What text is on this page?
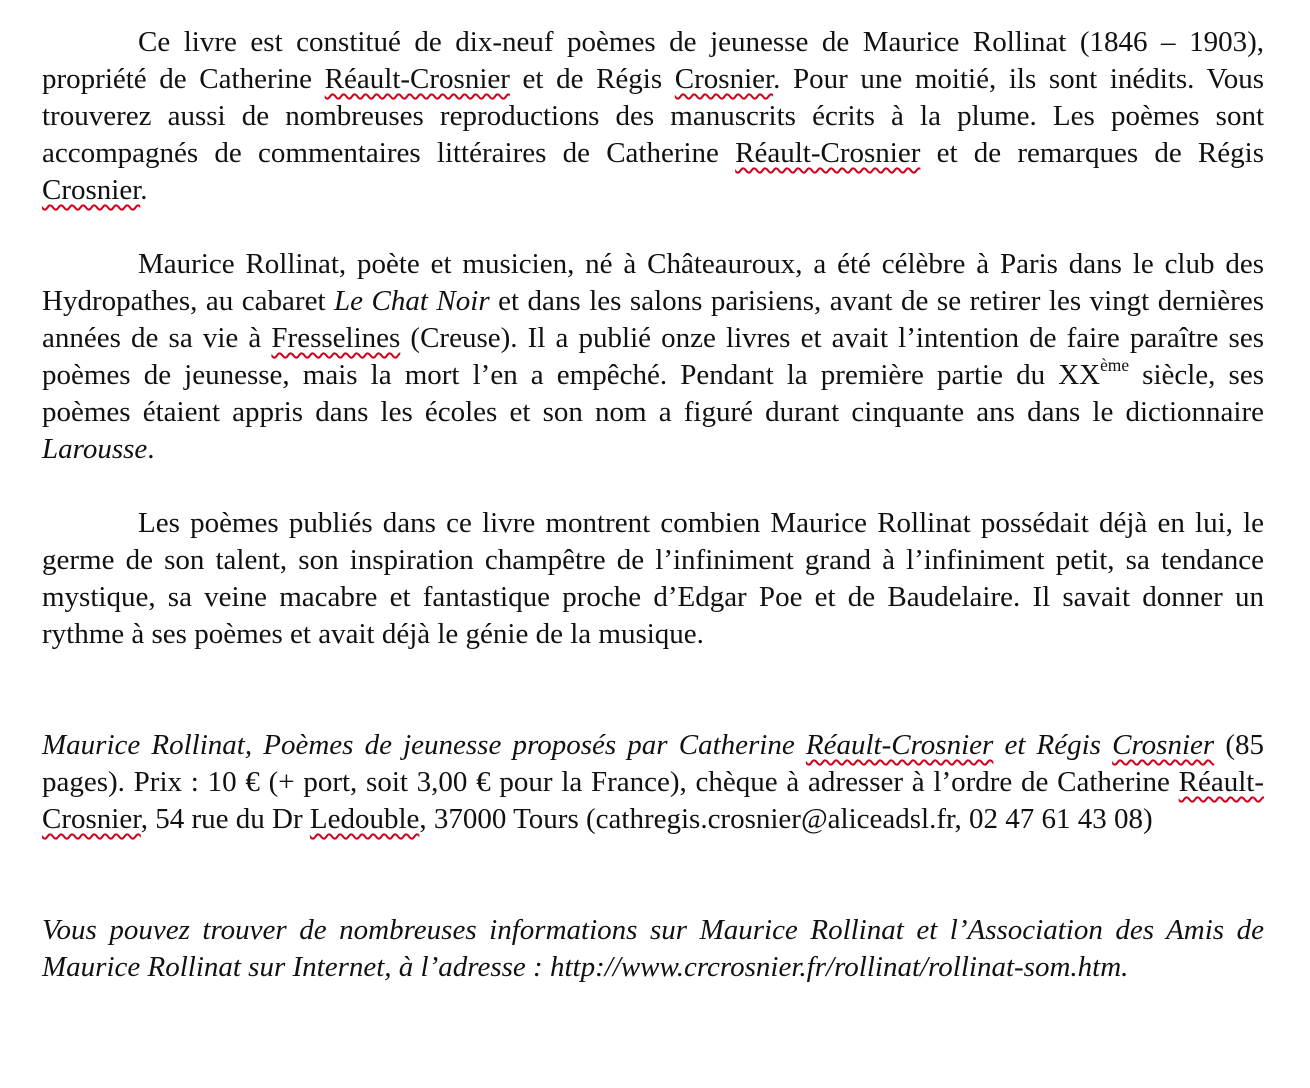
Ce livre est constitué de dix-neuf poèmes de jeunesse de Maurice Rollinat (1846 – 1903), propriété de Catherine Réault-Crosnier et de Régis Crosnier. Pour une moitié, ils sont inédits. Vous trouverez aussi de nombreuses reproductions des manuscrits écrits à la plume. Les poèmes sont accompagnés de commentaires littéraires de Catherine Réault-Crosnier et de remarques de Régis Crosnier.

Maurice Rollinat, poète et musicien, né à Châteauroux, a été célèbre à Paris dans le club des Hydropathes, au cabaret Le Chat Noir et dans les salons parisiens, avant de se retirer les vingt dernières années de sa vie à Fresselines (Creuse). Il a publié onze livres et avait l’intention de faire paraître ses poèmes de jeunesse, mais la mort l’en a empêché. Pendant la première partie du XXème siècle, ses poèmes étaient appris dans les écoles et son nom a figuré durant cinquante ans dans le dictionnaire Larousse.

Les poèmes publiés dans ce livre montrent combien Maurice Rollinat possédait déjà en lui, le germe de son talent, son inspiration champêtre de l’infiniment grand à l’infiniment petit, sa tendance mystique, sa veine macabre et fantastique proche d’Edgar Poe et de Baudelaire. Il savait donner un rythme à ses poèmes et avait déjà le génie de la musique.

Maurice Rollinat, Poèmes de jeunesse proposés par Catherine Réault-Crosnier et Régis Crosnier (85 pages). Prix : 10 € (+ port, soit 3,00 € pour la France), chèque à adresser à l’ordre de Catherine Réault-Crosnier, 54 rue du Dr Ledouble, 37000 Tours (cathregis.crosnier@aliceadsl.fr, 02 47 61 43 08)

Vous pouvez trouver de nombreuses informations sur Maurice Rollinat et l’Association des Amis de Maurice Rollinat sur Internet, à l’adresse : http://www.crcrosnier.fr/rollinat/rollinat-som.htm.
